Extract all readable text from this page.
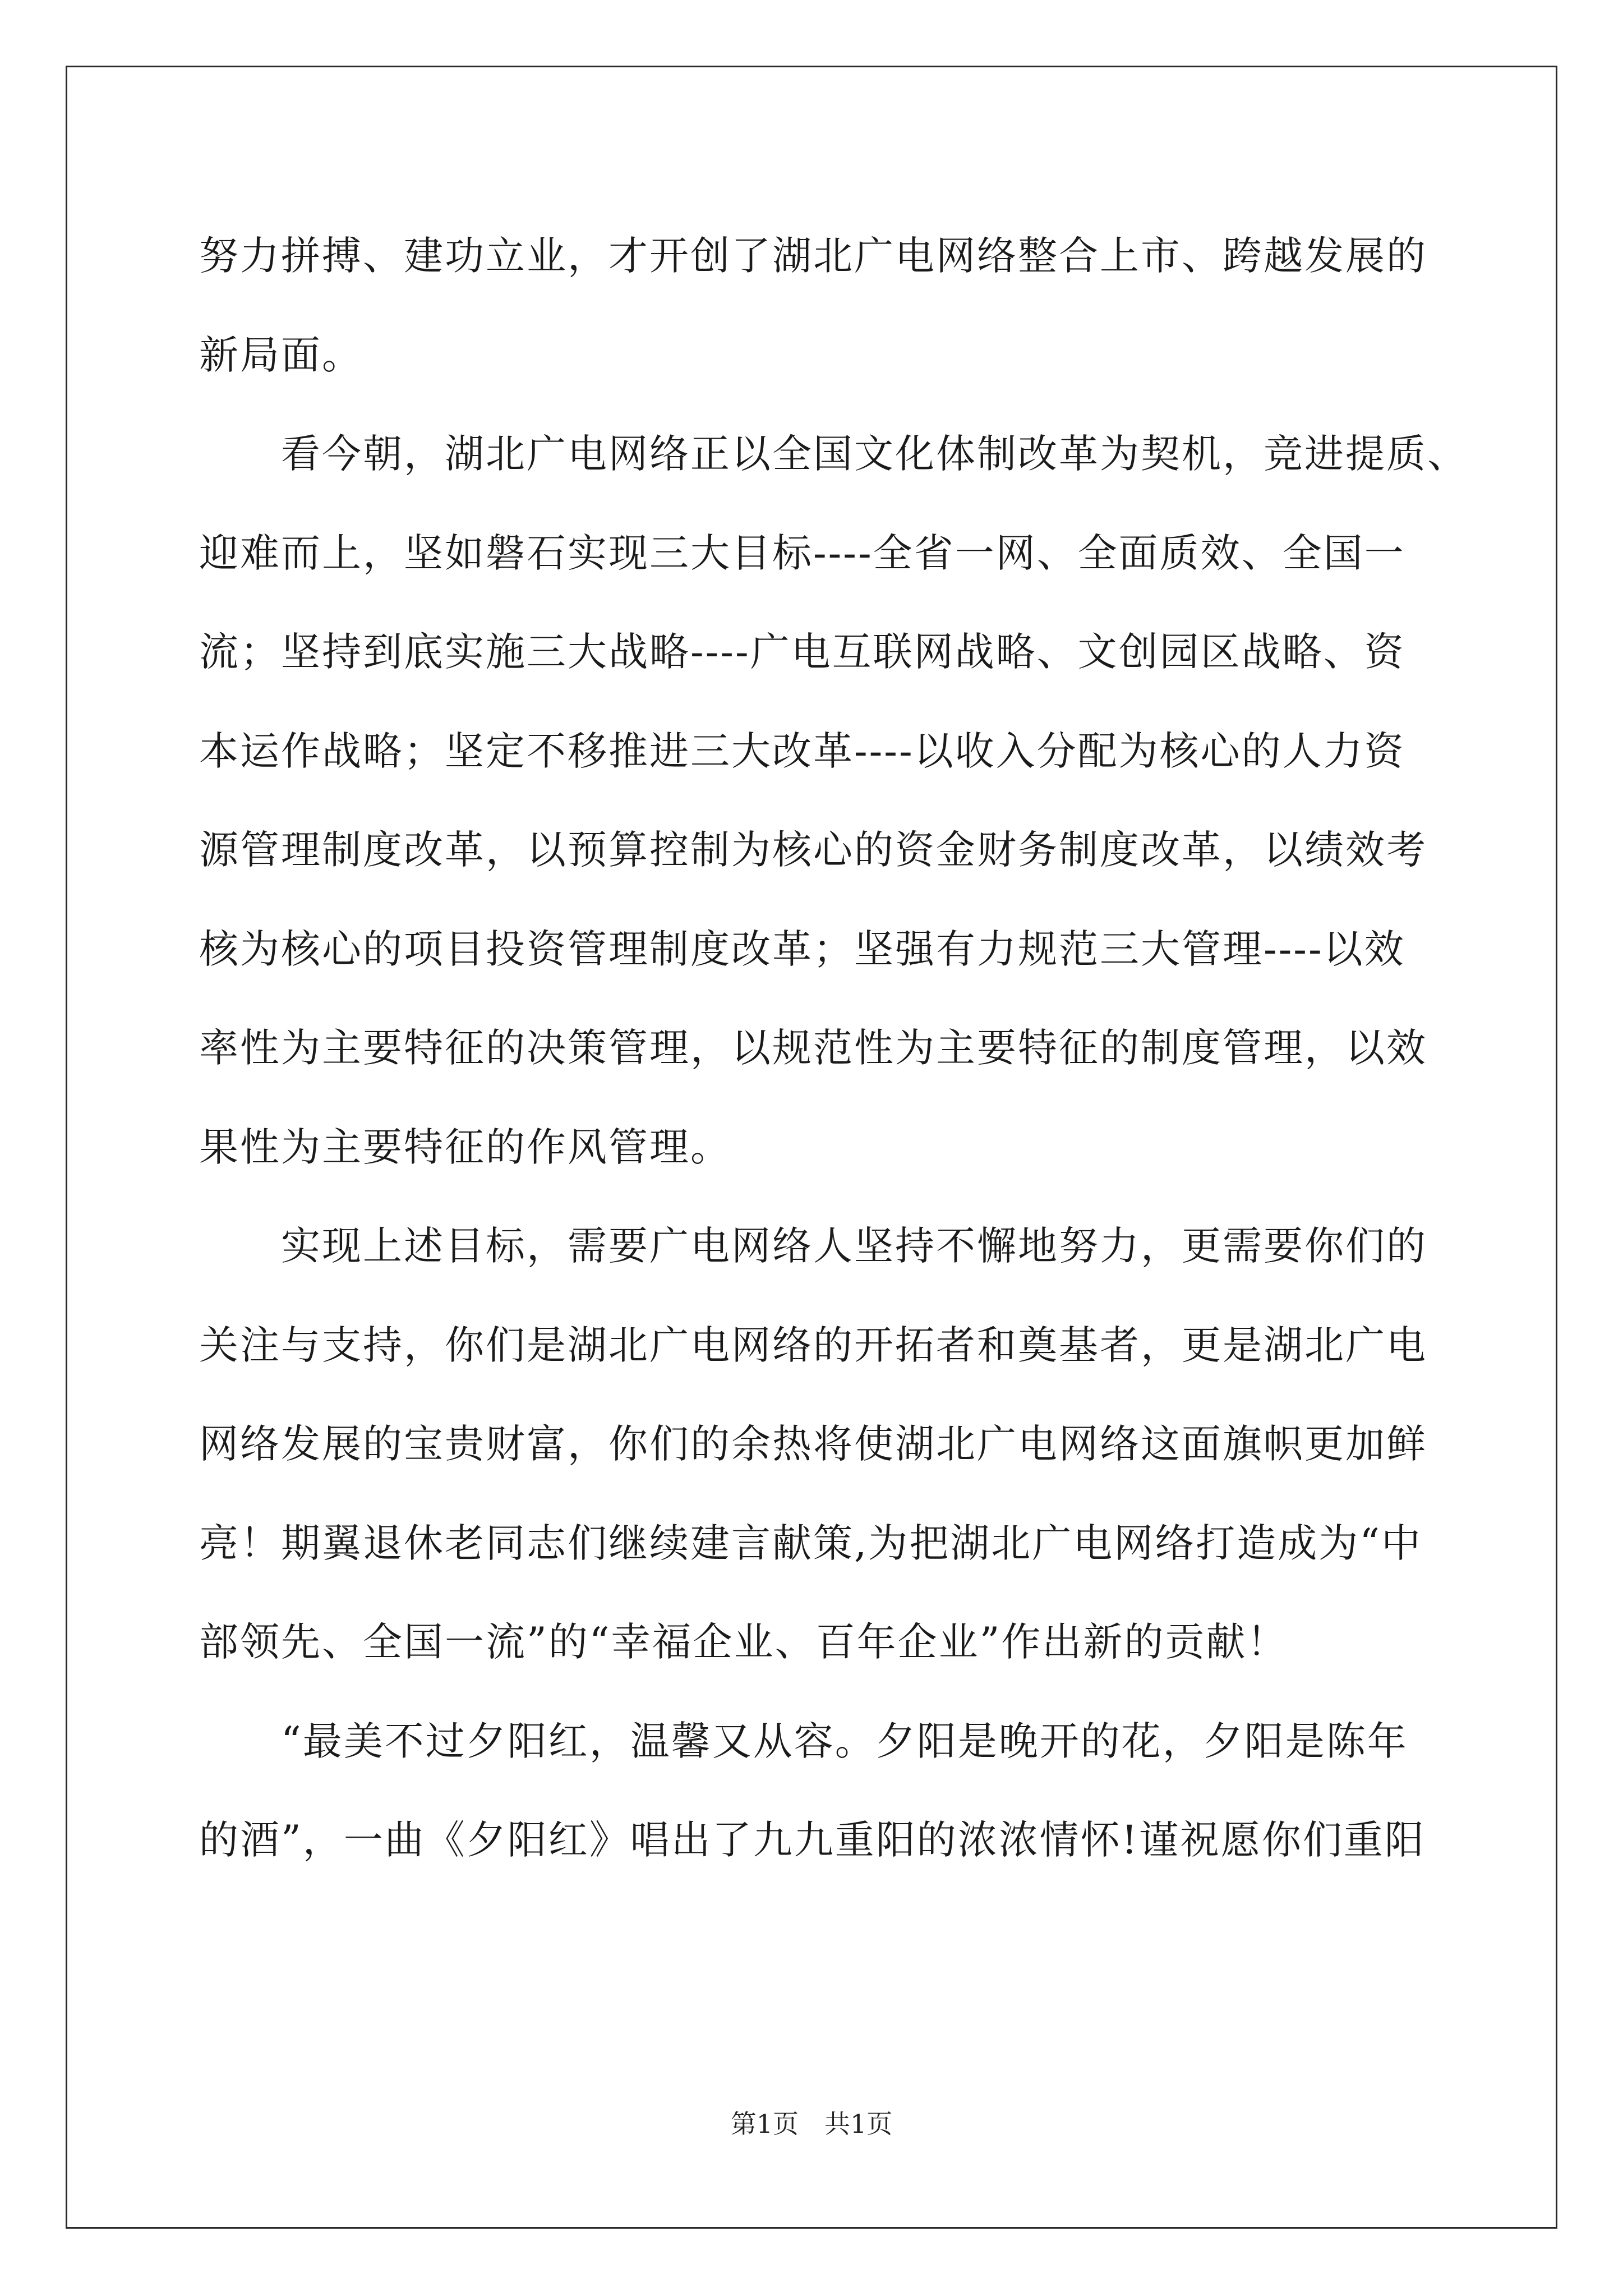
努力拼搏、建功立业，才开创了湖北广电网络整合上市、跨越发展的
新局面。
　　看今朝，湖北广电网络正以全国文化体制改革为契机，竞进提质、
迎难而上，坚如磐石实现三大目标----全省一网、全面质效、全国一
流；坚持到底实施三大战略----广电互联网战略、文创园区战略、资
本运作战略；坚定不移推进三大改革----以收入分配为核心的人力资
源管理制度改革，以预算控制为核心的资金财务制度改革，以绩效考
核为核心的项目投资管理制度改革；坚强有力规范三大管理----以效
率性为主要特征的决策管理，以规范性为主要特征的制度管理，以效
果性为主要特征的作风管理。
　　实现上述目标，需要广电网络人坚持不懈地努力，更需要你们的
关注与支持，你们是湖北广电网络的开拓者和奠基者，更是湖北广电
网络发展的宝贵财富，你们的余热将使湖北广电网络这面旗帜更加鲜
亮！期翼退休老同志们继续建言献策,为把湖北广电网络打造成为“中
部领先、全国一流”的“幸福企业、百年企业”作出新的贡献！
　　“最美不过夕阳红，温馨又从容。夕阳是晚开的花，夕阳是陈年
的酒”，一曲《夕阳红》唱出了九九重阳的浓浓情怀!谨祝愿你们重阳
第1页　共1页
